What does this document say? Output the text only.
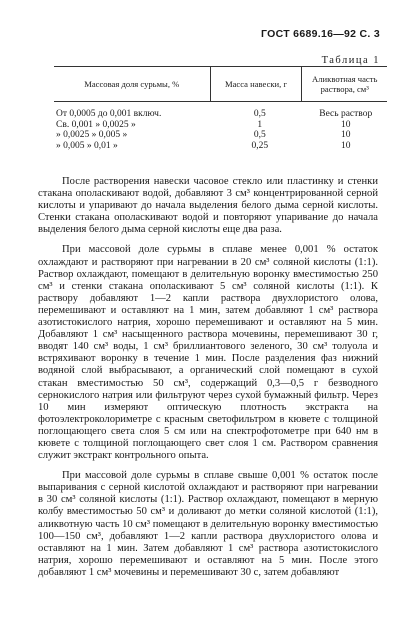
ГОСТ 6689.16—92 С. 3
Таблица 1
Массовая доля сурьмы, %	Масса навески, г	Аликвотная часть раствора, см³
От 0,0005 до 0,001 включ.
Св. 0,001 » 0,0025 »
» 0,0025 » 0,005 »
» 0,005 » 0,01 »
0,5
1
0,5
0,25
Весь раствор
10
10
10

После растворения навески часовое стекло или пластинку и стенки стакана ополаскивают водой, добавляют 3 см³ концентрированной серной кислоты и упаривают до начала выделения белого дыма серной кислоты. Стенки стакана ополаскивают водой и повторяют упаривание до начала выделения белого дыма серной кислоты еще два раза.

При массовой доле сурьмы в сплаве менее 0,001 % остаток охлаждают и растворяют при нагревании в 20 см³ соляной кислоты (1:1). Раствор охлаждают, помещают в делительную воронку вместимостью 250 см³ и стенки стакана ополаскивают 5 см³ соляной кислоты (1:1). К раствору добавляют 1—2 капли раствора двухлористого олова, перемешивают и оставляют на 1 мин, затем добавляют 1 см³ раствора азотистокислого натрия, хорошо перемешивают и оставляют на 5 мин. Добавляют 1 см³ насыщенного раствора мочевины, перемешивают 30 г, вводят 140 см³ воды, 1 см³ бриллиантового зеленого, 30 см³ толуола и встряхивают воронку в течение 1 мин. После разделения фаз нижний водяной слой выбрасывают, а органический слой помещают в сухой стакан вместимостью 50 см³, содержащий 0,3—0,5 г безводного сернокислого натрия или фильтруют через сухой бумажный фильтр. Через 10 мин измеряют оптическую плотность экстракта на фотоэлектроколориметре с красным светофильтром в кювете с толщиной поглощающего света слоя 5 см или на спектрофотометре при 640 нм в кювете с толщиной поглощающего свет слоя 1 см. Раствором сравнения служит экстракт контрольного опыта.

При массовой доле сурьмы в сплаве свыше 0,001 % остаток после выпаривания с серной кислотой охлаждают и растворяют при нагревании в 30 см³ соляной кислоты (1:1). Раствор охлаждают, помещают в мерную колбу вместимостью 50 см³ и доливают до метки соляной кислотой (1:1), аликвотную часть 10 см³ помещают в делительную воронку вместимостью 100—150 см³, добавляют 1—2 капли раствора двухлористого олова и оставляют на 1 мин. Затем добавляют 1 см³ раствора азотистокислого натрия, хорошо перемешивают и оставляют на 5 мин. После этого добавляют 1 см³ мочевины и перемешивают 30 с, затем добавляют
